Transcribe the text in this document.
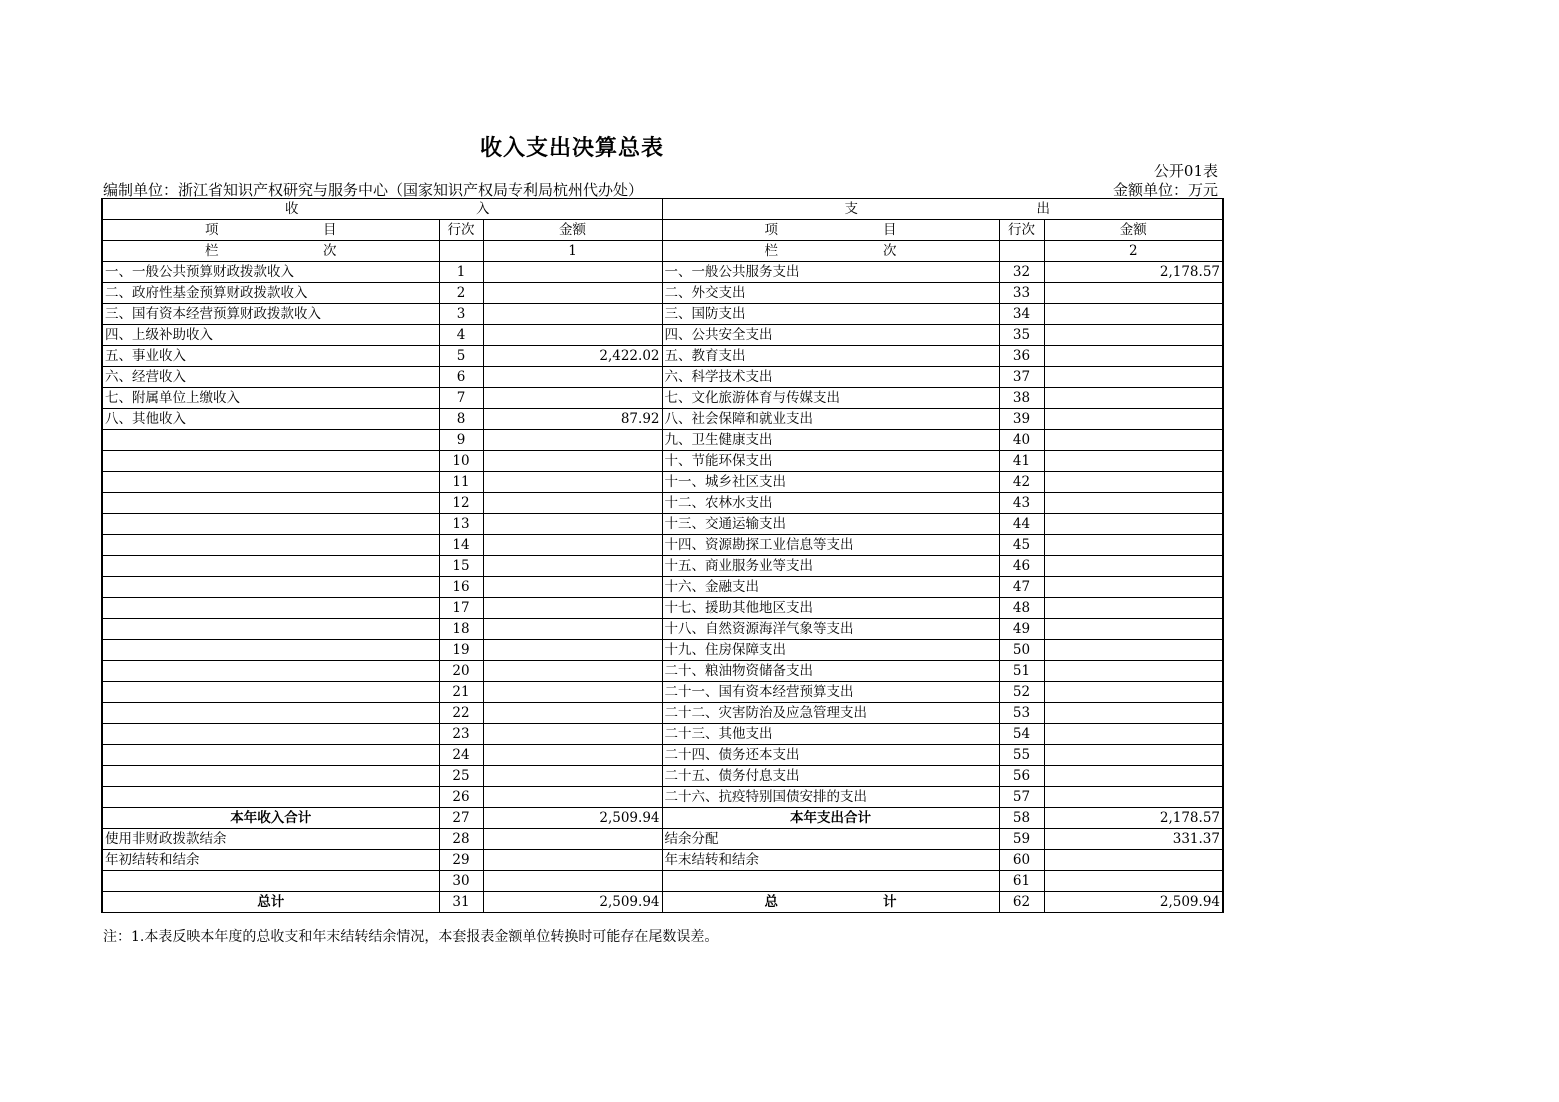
收入支出决算总表
公开01表
编制单位：浙江省知识产权研究与服务中心（国家知识产权局专利局杭州代办处）	金额单位：万元
收 入			支 出		

项 目	行次	金额	项 目	行次	金额

栏 次		1	栏 次		2
一、一般公共预算财政拨款收入	1		一、一般公共服务支出	32	2,178.57
二、政府性基金预算财政拨款收入	2		二、外交支出	33	
三、国有资本经营预算财政拨款收入	3		三、国防支出	34	
四、上级补助收入	4		四、公共安全支出	35	
五、事业收入	5	2,422.02	五、教育支出	36	
六、经营收入	6		六、科学技术支出	37	
七、附属单位上缴收入	7		七、文化旅游体育与传媒支出	38	
八、其他收入	8	87.92	八、社会保障和就业支出	39	
	9		九、卫生健康支出	40	
	10		十、节能环保支出	41	
	11		十一、城乡社区支出	42	
	12		十二、农林水支出	43	
	13		十三、交通运输支出	44	
	14		十四、资源勘探工业信息等支出	45	
	15		十五、商业服务业等支出	46	
	16		十六、金融支出	47	
	17		十七、援助其他地区支出	48	
	18		十八、自然资源海洋气象等支出	49	
	19		十九、住房保障支出	50	
	20		二十、粮油物资储备支出	51	
	21		二十一、国有资本经营预算支出	52	
	22		二十二、灾害防治及应急管理支出	53	
	23		二十三、其他支出	54	
	24		二十四、债务还本支出	55	
	25		二十五、债务付息支出	56	
	26		二十六、抗疫特别国债安排的支出	57	
本年收入合计	27	2,509.94	本年支出合计	58	2,178.57
使用非财政拨款结余	28		结余分配	59	331.37
年初结转和结余	29		年末结转和结余	60	
	30			61	
总计	31	2,509.94	总 计	62	2,509.94
注：1.本表反映本年度的总收支和年末结转结余情况，本套报表金额单位转换时可能存在尾数误差。
